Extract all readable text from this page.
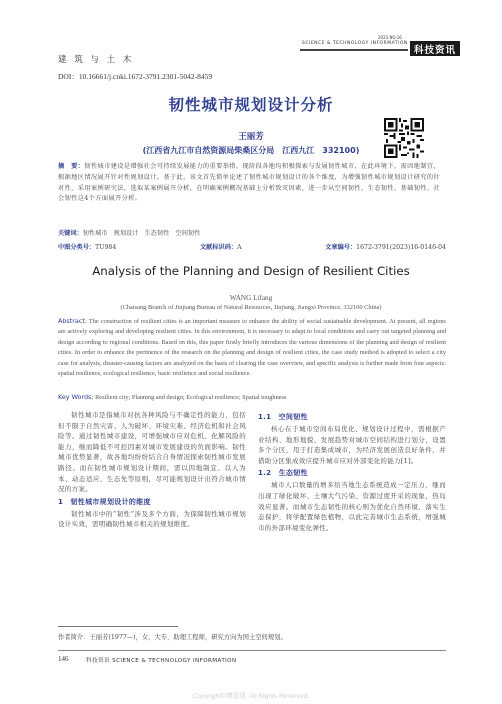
建 筑 与 土 木
2023 NO.16
SCIENCE & TECHNOLOGY INFORMATION
科技资讯
DOI：10.16661/j.cnki.1672-3791.2301-5042-8459
韧性城市规划设计分析
王丽芳
(江西省九江市自然资源局柴桑区分局　江西九江　332100)
摘　要：韧性城市建设是增强社会可持续发展能力的重要举措，现阶段各地均积极探索与发展韧性城市，在此环境下，需因地制宜，根据地区情况展开针对性规划设计。基于此，该文首先简单论述了韧性城市规划设计的各个维度，为增强韧性城市规划设计研究的针对性，采用案例研究法，选取某案例展开分析，在明确案例概况基础上分析致灾因素，进一步从空间韧性、生态韧性、基础韧性、社会韧性这4个方面展开分析。
关键词：韧性城市　规划设计　生态韧性　空间韧性
中图分类号：TU984	文献标识码：A	文章编号：1672-3791(2023)16-0146-04
Analysis of the Planning and Design of Resilient Cities
WANG Lifang
(Chaisang Branch of Jiujiang Bureau of Natural Resources, Jiujiang, Jiangxi Province, 332100 China)
Abstract: The construction of resilient cities is an important measure to enhance the ability of social sustainable development. At present, all regions are actively exploring and developing resilient cities. In this environment, it is necessary to adapt to local conditions and carry out targeted planning and design according to regional conditions. Based on this, this paper firstly briefly introduces the various dimensions of the planning and design of resilient cities. In order to enhance the pertinence of the research on the planning and design of resilient cities, the case study method is adopted to select a city case for analysis, disaster-causing factors are analyzed on the basis of clearing the case overview, and specific analysis is further made from four aspects: spatial resilience, ecological resilience, basic resilience and social resilience.
Key Words: Resilient city; Planning and design; Ecological resilience; Spatial toughness

韧性城市是指城市对抗各种风险与不确定性的能力，包括但不限于自然灾害、人为破坏、环境灾难、经济危机和社会风险等。通过韧性城市建设，可增强城市应对危机、化解风险的能力，继而降低不可控因素对城市发展建设的负面影响。韧性城市优势显著，故各地均纷纷结合自身情况探索韧性城市发展路径。而在韧性城市规划设计期间，需以因地制宜、以人为本、动态适应、生态先等原则，尽可能规划设计出符合城市情况的方案。

1　韧性城市规划设计的维度

韧性城市中的“韧性”涉及多个方面，为保障韧性城市规划设计实效，需明确韧性城市相关的规划维度。

1.1　空间韧性

核心在于城市空间布局优化、规划设计过程中，需根据产业结构、地形地貌、发展趋势对城市空间结构进行划分，设置多个分区，用于打造集成城市，为经济发展创造良好条件，并借助分区集成效应提升城市应对外部变化的能力[1]。

1.2　生态韧性

城市人口数量的增多给当地生态系统造成一定压力，继而出现了绿化破坏、土壤大气污染、资源过度开采的现象，热岛效应显著。而城市生态韧性的核心则为优化自然环境、落实生态保护，将学配置绿色植物，以此完善城市生态系统，增强城市的外部环境变化弹性。

作者简介：王丽芳(1977—)，女，大专，助理工程师，研究方向为国土空间规划。
146	科技资讯 SCIENCE & TECHNOLOGY INFORMATION
Copyright©博看网. All Rights Reserved.
